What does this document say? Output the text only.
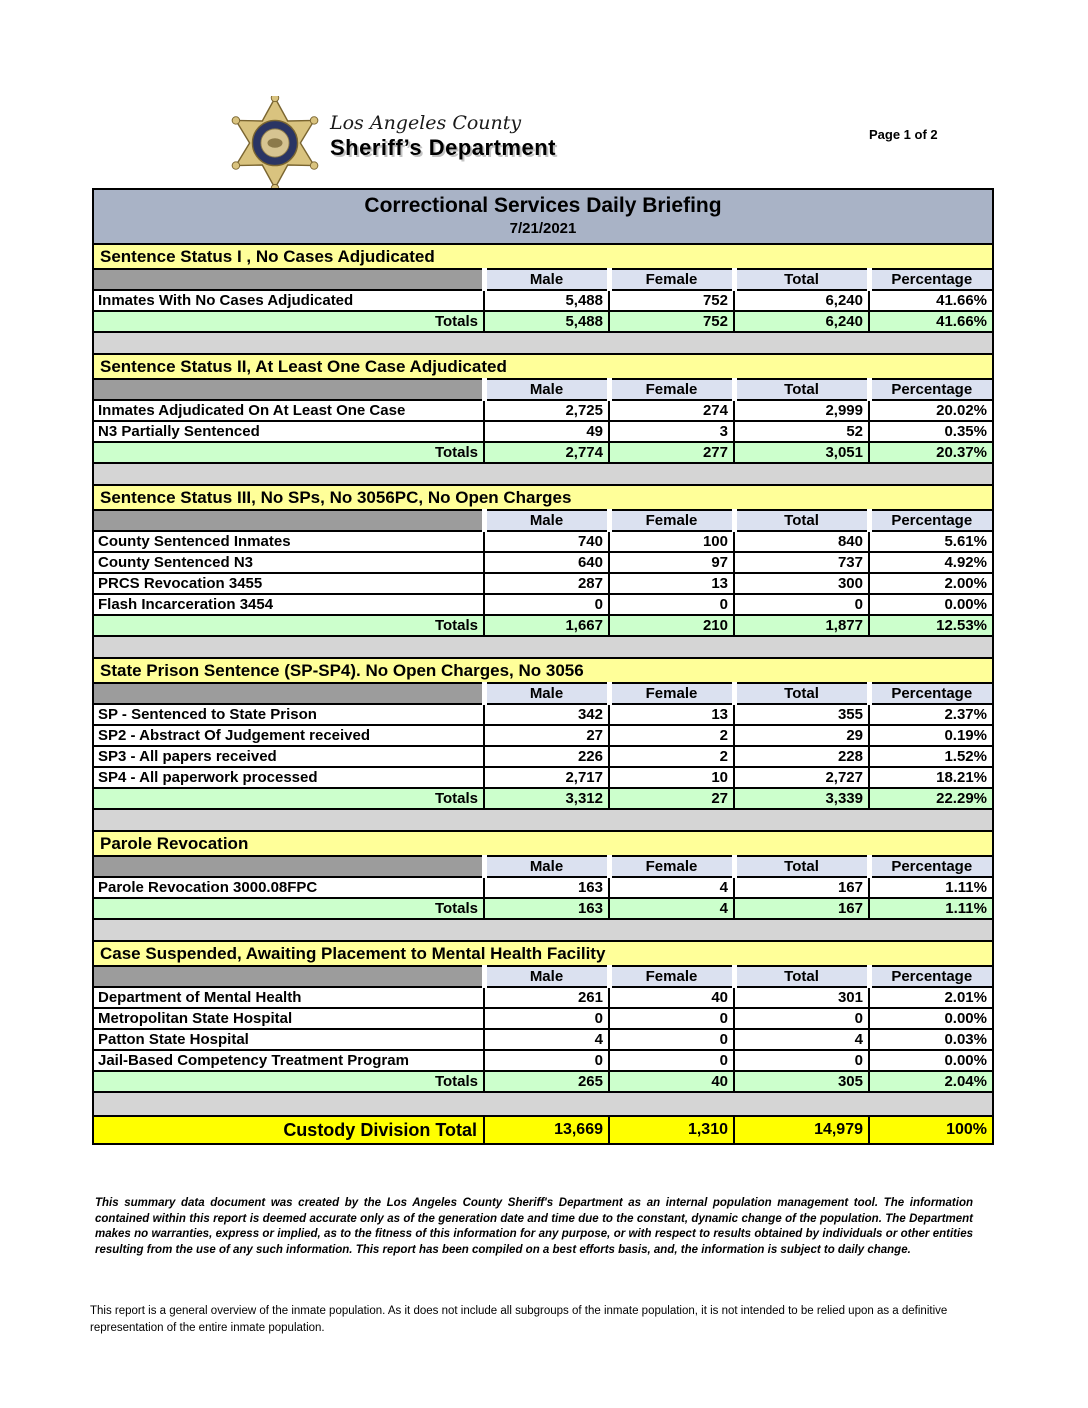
Los Angeles County
Sheriff’s Department
Page 1 of 2
Correctional Services Daily Briefing
7/21/2021
Sentence Status I , No Cases Adjudicated				
	Male	Female	Total	Percentage
Inmates With No Cases Adjudicated	5,488	752	6,240	41.66%
Totals	5,488	752	6,240	41.66%
Sentence Status II, At Least One Case Adjudicated				
	Male	Female	Total	Percentage
Inmates Adjudicated On At Least One Case	2,725	274	2,999	20.02%
N3 Partially Sentenced	49	3	52	0.35%
Totals	2,774	277	3,051	20.37%
Sentence Status III, No SPs, No 3056PC, No Open Charges				
	Male	Female	Total	Percentage
County Sentenced Inmates	740	100	840	5.61%
County Sentenced N3	640	97	737	4.92%
PRCS Revocation 3455	287	13	300	2.00%
Flash Incarceration 3454	0	0	0	0.00%
Totals	1,667	210	1,877	12.53%
State Prison Sentence (SP-SP4). No Open Charges, No 3056				
	Male	Female	Total	Percentage
SP - Sentenced to State Prison	342	13	355	2.37%
SP2 - Abstract Of Judgement received	27	2	29	0.19%
SP3 - All papers received	226	2	228	1.52%
SP4 - All paperwork processed	2,717	10	2,727	18.21%
Totals	3,312	27	3,339	22.29%
Parole Revocation				
	Male	Female	Total	Percentage
Parole Revocation 3000.08FPC	163	4	167	1.11%
Totals	163	4	167	1.11%
Case Suspended, Awaiting Placement to Mental Health Facility				
	Male	Female	Total	Percentage
Department of Mental Health	261	40	301	2.01%
Metropolitan State Hospital	0	0	0	0.00%
Patton State Hospital	4	0	4	0.03%
Jail-Based Competency Treatment Program	0	0	0	0.00%
Totals	265	40	305	2.04%
Custody Division Total	13,669	1,310	14,979	100%
This summary data document was created by the Los Angeles County Sheriff's Department as an internal population management tool. The information contained within this report is deemed accurate only as of the generation date and time due to the constant, dynamic change of the population. The Department makes no warranties, express or implied, as to the fitness of this information for any purpose, or with respect to results obtained by individuals or other entities resulting from the use of any such information. This report has been compiled on a best efforts basis, and, the information is subject to daily change.
This report is a general overview of the inmate population. As it does not include all subgroups of the inmate population, it is not intended to be relied upon as a definitive representation of the entire inmate population.
